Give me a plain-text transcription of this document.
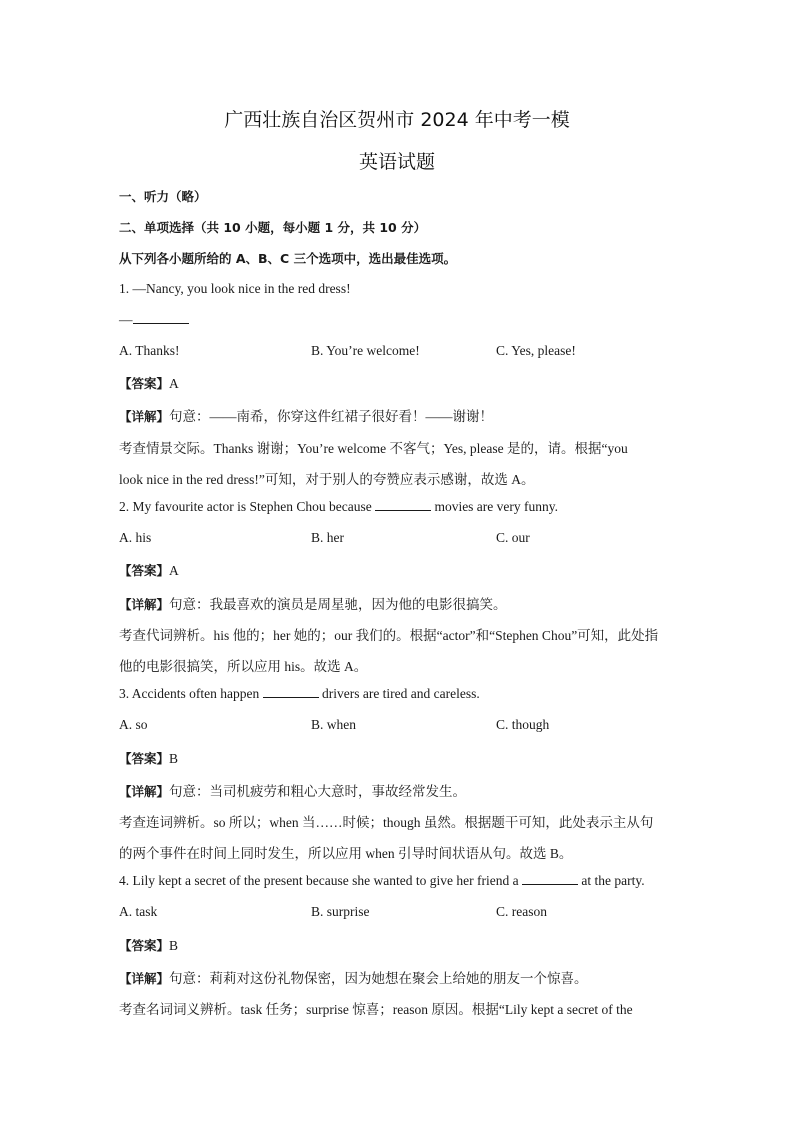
广西壮族自治区贺州市 2024 年中考一模
英语试题
一、听力（略）
二、单项选择（共 10 小题，每小题 1 分，共 10 分）
从下列各小题所给的 A、B、C 三个选项中，选出最佳选项。
1. —Nancy, you look nice in the red dress!
—
A. Thanks!	B. You’re welcome!	C. Yes, please!
【答案】A
【详解】句意：——南希，你穿这件红裙子很好看！——谢谢！
考查情景交际。Thanks 谢谢；You’re welcome 不客气；Yes, please 是的，请。根据“you
look nice in the red dress!”可知，对于别人的夸赞应表示感谢，故选 A。
2. My favourite actor is Stephen Chou because	movies are very funny.
A. his	B. her	C. our
【答案】A
【详解】句意：我最喜欢的演员是周星驰，因为他的电影很搞笑。
考查代词辨析。his 他的；her 她的；our 我们的。根据“actor”和“Stephen Chou”可知，此处指
他的电影很搞笑，所以应用 his。故选 A。
3. Accidents often happen	drivers are tired and careless.
A. so	B. when	C. though
【答案】B
【详解】句意：当司机疲劳和粗心大意时，事故经常发生。
考查连词辨析。so 所以；when 当……时候；though 虽然。根据题干可知，此处表示主从句
的两个事件在时间上同时发生，所以应用 when 引导时间状语从句。故选 B。
4. Lily kept a secret of the present because she wanted to give her friend a	at the party.
A. task	B. surprise	C. reason
【答案】B
【详解】句意：莉莉对这份礼物保密，因为她想在聚会上给她的朋友一个惊喜。
考查名词词义辨析。task 任务；surprise 惊喜；reason 原因。根据“Lily kept a secret of the
